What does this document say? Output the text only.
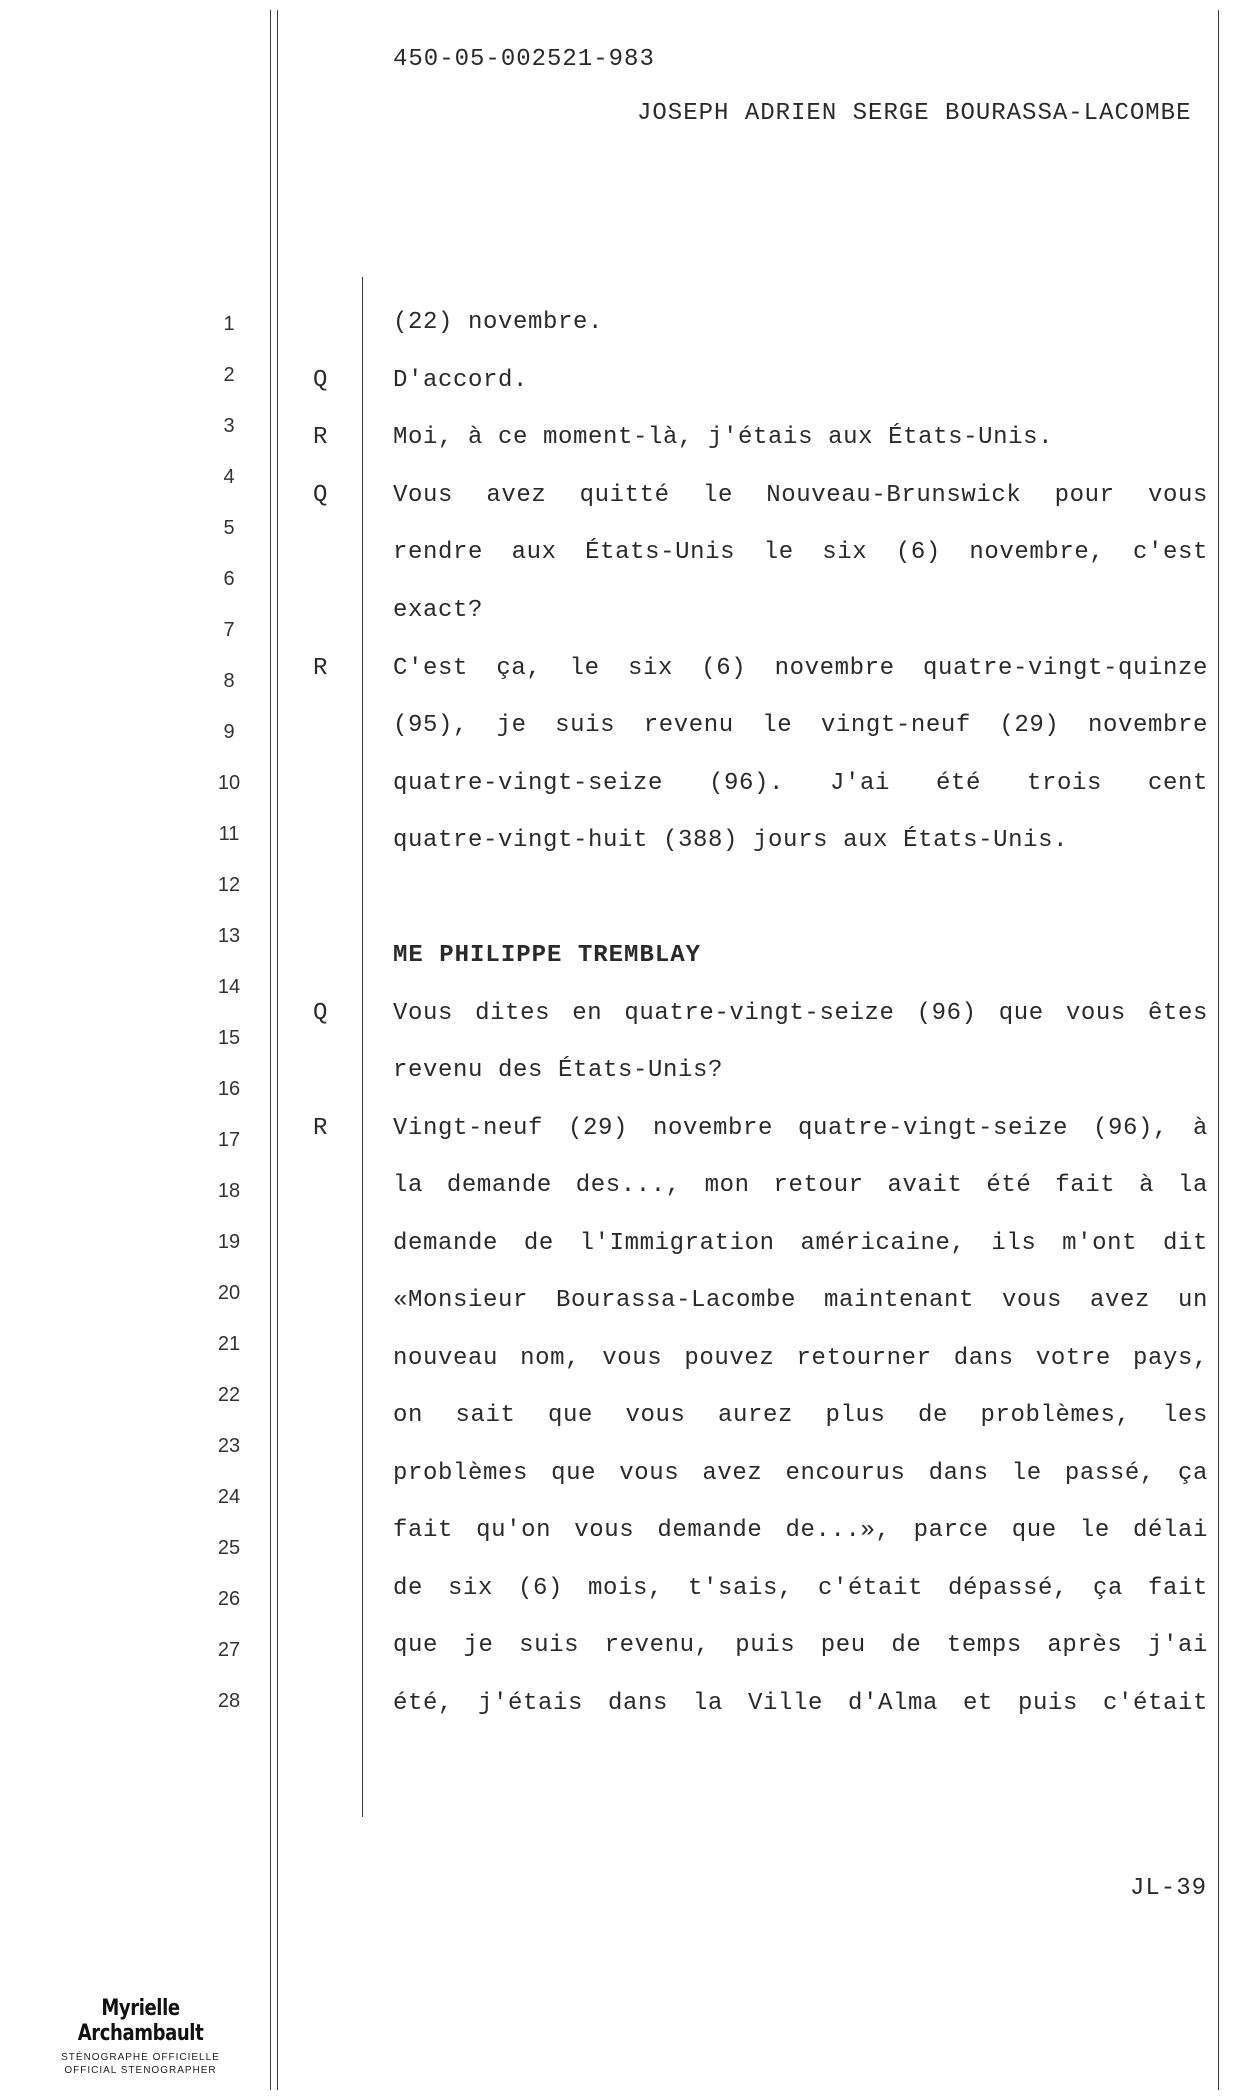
450-05-002521-983
JOSEPH ADRIEN SERGE BOURASSA-LACOMBE
1
2
3
4
5
6
7
8
9
10
11
12
13
14
15
16
17
18
19
20
21
22
23
24
25
26
27
28
Q
R
Q
R
Q
R
(22) novembre.
D'accord.
Moi, à ce moment-là, j'étais aux États-Unis.
Vous avez quitté le Nouveau-Brunswick pour vous
rendre aux États-Unis le six (6) novembre, c'est
exact?
C'est ça, le six (6) novembre quatre-vingt-quinze
(95), je suis revenu le vingt-neuf (29) novembre
quatre-vingt-seize (96). J'ai été trois cent
quatre-vingt-huit (388) jours aux États-Unis.
ME PHILIPPE TREMBLAY
Vous dites en quatre-vingt-seize (96) que vous êtes
revenu des États-Unis?
Vingt-neuf (29) novembre quatre-vingt-seize (96), à
la demande des..., mon retour avait été fait à la
demande de l'Immigration américaine, ils m'ont dit
«Monsieur Bourassa-Lacombe maintenant vous avez un
nouveau nom, vous pouvez retourner dans votre pays,
on sait que vous aurez plus de problèmes, les
problèmes que vous avez encourus dans le passé, ça
fait qu'on vous demande de...», parce que le délai
de six (6) mois, t'sais, c'était dépassé, ça fait
que je suis revenu, puis peu de temps après j'ai
été, j'étais dans la Ville d'Alma et puis c'était
JL-39
Myrielle Archambault
STÉNOGRAPHE OFFICIELLE
OFFICIAL STENOGRAPHER
